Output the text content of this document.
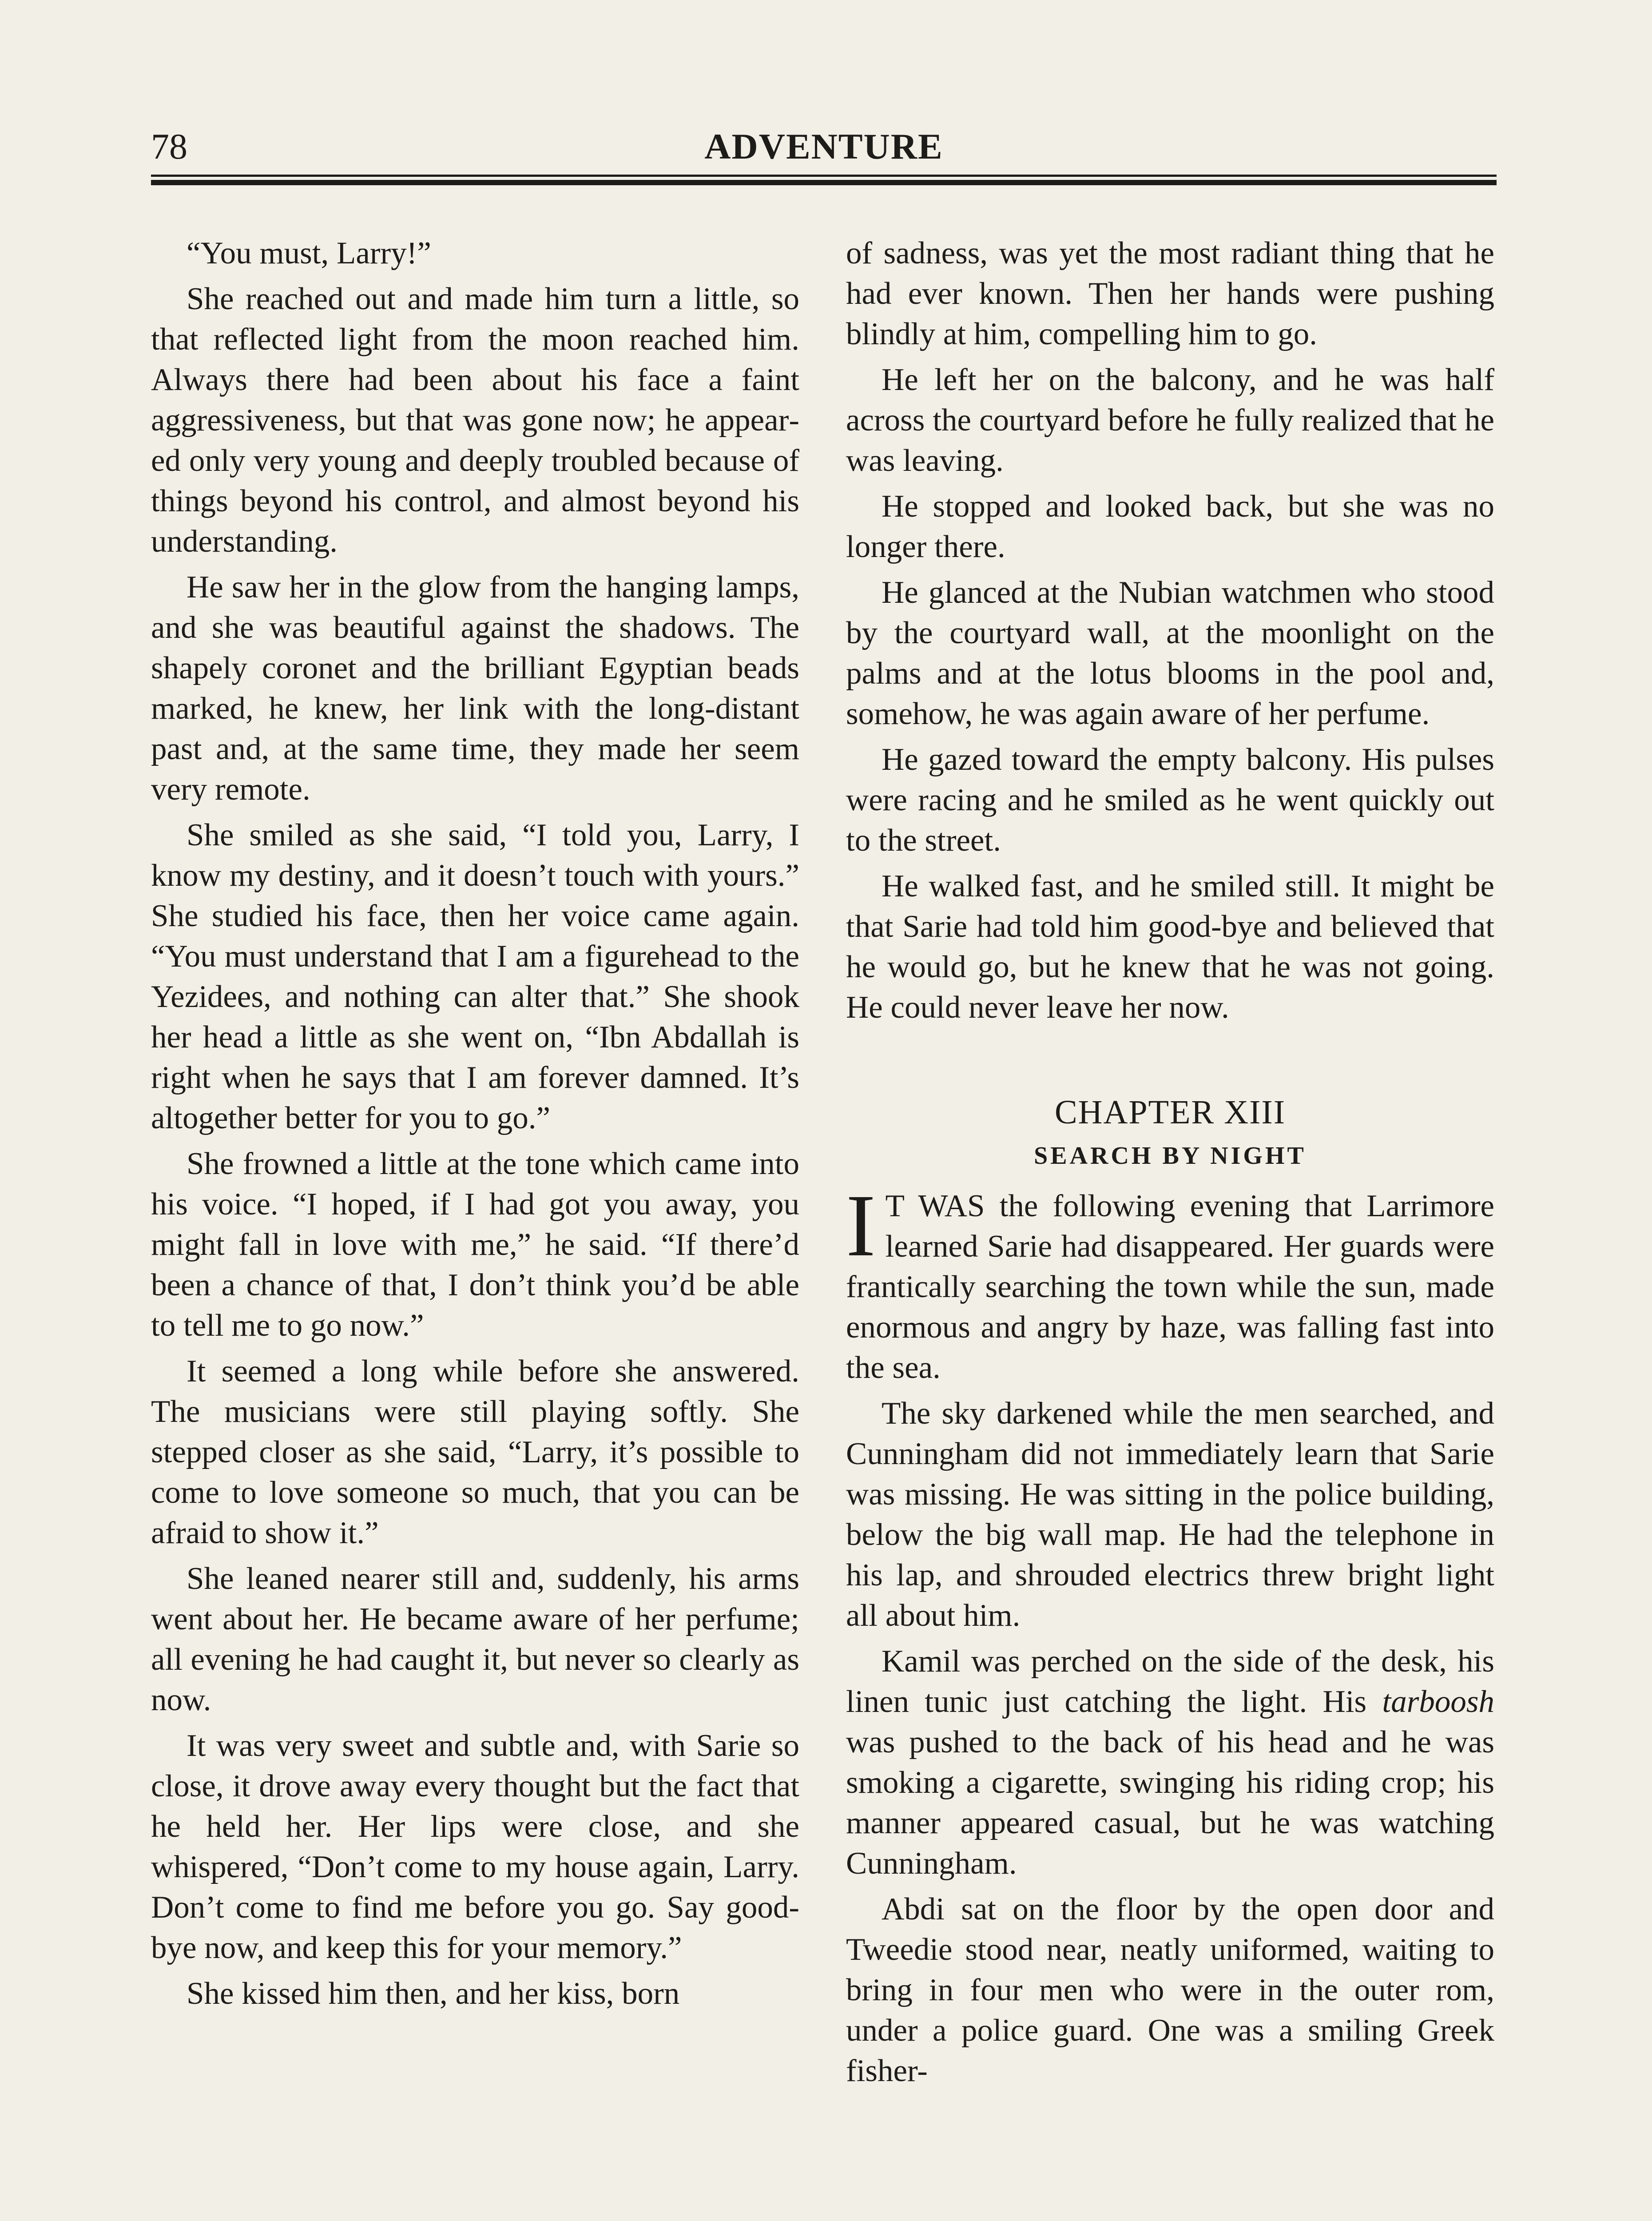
78	ADVENTURE

“You must, Larry!”

She reached out and made him turn a little, so that reflected light from the moon reached him. Always there had been about his face a faint aggressiveness, but that was gone now; he appeared only very young and deeply troubled because of things beyond his control, and almost beyond his understanding.

He saw her in the glow from the hanging lamps, and she was beautiful against the shadows. The shapely coronet and the brilliant Egyptian beads marked, he knew, her link with the long-distant past and, at the same time, they made her seem very remote.

She smiled as she said, “I told you, Larry, I know my destiny, and it doesn’t touch with yours.” She studied his face, then her voice came again. “You must understand that I am a figurehead to the Yezidees, and nothing can alter that.” She shook her head a little as she went on, “Ibn Abdallah is right when he says that I am forever damned. It’s altogether better for you to go.”

She frowned a little at the tone which came into his voice. “I hoped, if I had got you away, you might fall in love with me,” he said. “If there’d been a chance of that, I don’t think you’d be able to tell me to go now.”

It seemed a long while before she answered. The musicians were still playing softly. She stepped closer as she said, “Larry, it’s possible to come to love someone so much, that you can be afraid to show it.”

She leaned nearer still and, suddenly, his arms went about her. He became aware of her perfume; all evening he had caught it, but never so clearly as now.

It was very sweet and subtle and, with Sarie so close, it drove away every thought but the fact that he held her. Her lips were close, and she whispered, “Don’t come to my house again, Larry. Don’t come to find me before you go. Say good-bye now, and keep this for your memory.”

She kissed him then, and her kiss, born

of sadness, was yet the most radiant thing that he had ever known. Then her hands were pushing blindly at him, compelling him to go.

He left her on the balcony, and he was half across the courtyard before he fully realized that he was leaving.

He stopped and looked back, but she was no longer there.

He glanced at the Nubian watchmen who stood by the courtyard wall, at the moonlight on the palms and at the lotus blooms in the pool and, somehow, he was again aware of her perfume.

He gazed toward the empty balcony. His pulses were racing and he smiled as he went quickly out to the street.

He walked fast, and he smiled still. It might be that Sarie had told him good-bye and believed that he would go, but he knew that he was not going. He could never leave her now.

CHAPTER XIII
SEARCH BY NIGHT

I T WAS the following evening that Larrimore learned Sarie had disappeared. Her guards were frantically searching the town while the sun, made enormous and angry by haze, was falling fast into the sea.

The sky darkened while the men searched, and Cunningham did not immediately learn that Sarie was missing. He was sitting in the police building, below the big wall map. He had the telephone in his lap, and shrouded electrics threw bright light all about him.

Kamil was perched on the side of the desk, his linen tunic just catching the light. His tarboosh was pushed to the back of his head and he was smoking a cigarette, swinging his riding crop; his manner appeared casual, but he was watching Cunningham.

Abdi sat on the floor by the open door and Tweedie stood near, neatly uniformed, waiting to bring in four men who were in the outer rom, under a police guard. One was a smiling Greek fisher-
